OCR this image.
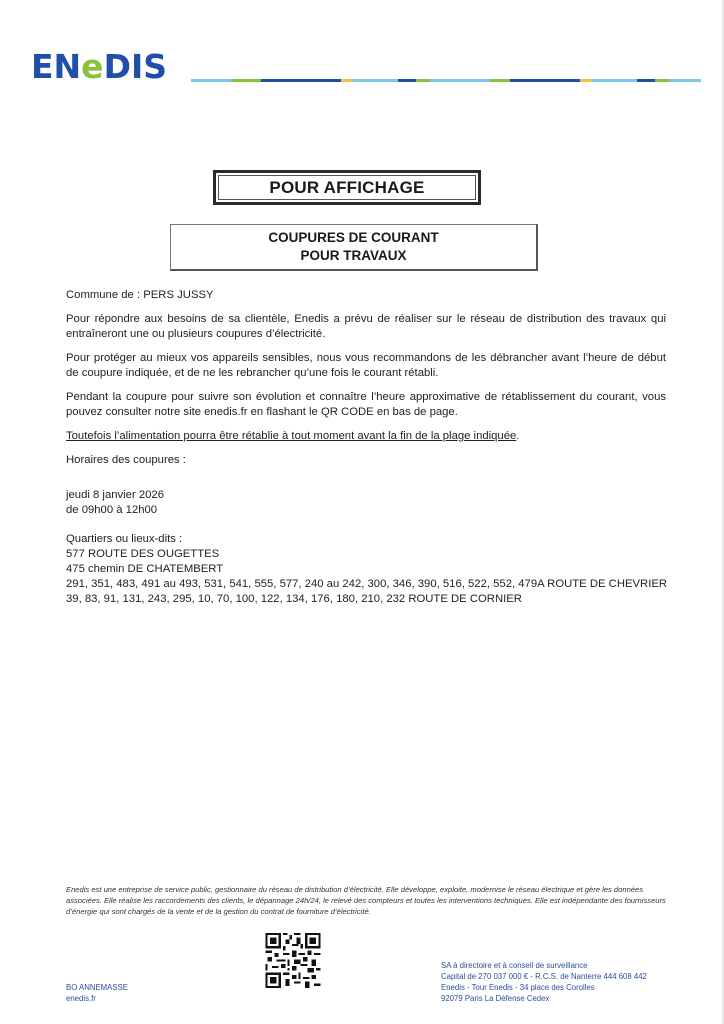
EN e DIS
POUR AFFICHAGE
COUPURES DE COURANT
POUR TRAVAUX

Commune de : PERS JUSSY

Pour répondre aux besoins de sa clientèle, Enedis a prévu de réaliser sur le réseau de distribution des travaux qui entraîneront une ou plusieurs coupures d’électricité.

Pour protéger au mieux vos appareils sensibles, nous vous recommandons de les débrancher avant l’heure de début de coupure indiquée, et de ne les rebrancher qu’une fois le courant rétabli.

Pendant la coupure pour suivre son évolution et connaître l’heure approximative de rétablissement du courant, vous pouvez consulter notre site enedis.fr en flashant le QR CODE en bas de page.

Toutefois l’alimentation pourra être rétablie à tout moment avant la fin de la plage indiquée.

Horaires des coupures :

jeudi 8 janvier 2026
de 09h00 à 12h00
Quartiers ou lieux-dits :
577 ROUTE DES OUGETTES
475 chemin DE CHATEMBERT
291, 351, 483, 491 au 493, 531, 541, 555, 577, 240 au 242, 300, 346, 390, 516, 522, 552, 479A ROUTE DE CHEVRIER
39, 83, 91, 131, 243, 295, 10, 70, 100, 122, 134, 176, 180, 210, 232 ROUTE DE CORNIER
Enedis est une entreprise de service public, gestionnaire du réseau de distribution d’électricité. Elle développe, exploite, modernise le réseau électrique et gère les données associées. Elle réalise les raccordements des clients, le dépannage 24h/24, le relevé des compteurs et toutes les interventions techniques. Elle est indépendante des fournisseurs d’énergie qui sont chargés de la vente et de la gestion du contrat de fourniture d’électricité.
BO ANNEMASSE
enedis.fr
SA à directoire et à conseil de surveillance
Capital de 270 037 000 € - R.C.S. de Nanterre 444 608 442
Enedis - Tour Enedis - 34 place des Corolles
92079 Paris La Défense Cedex
